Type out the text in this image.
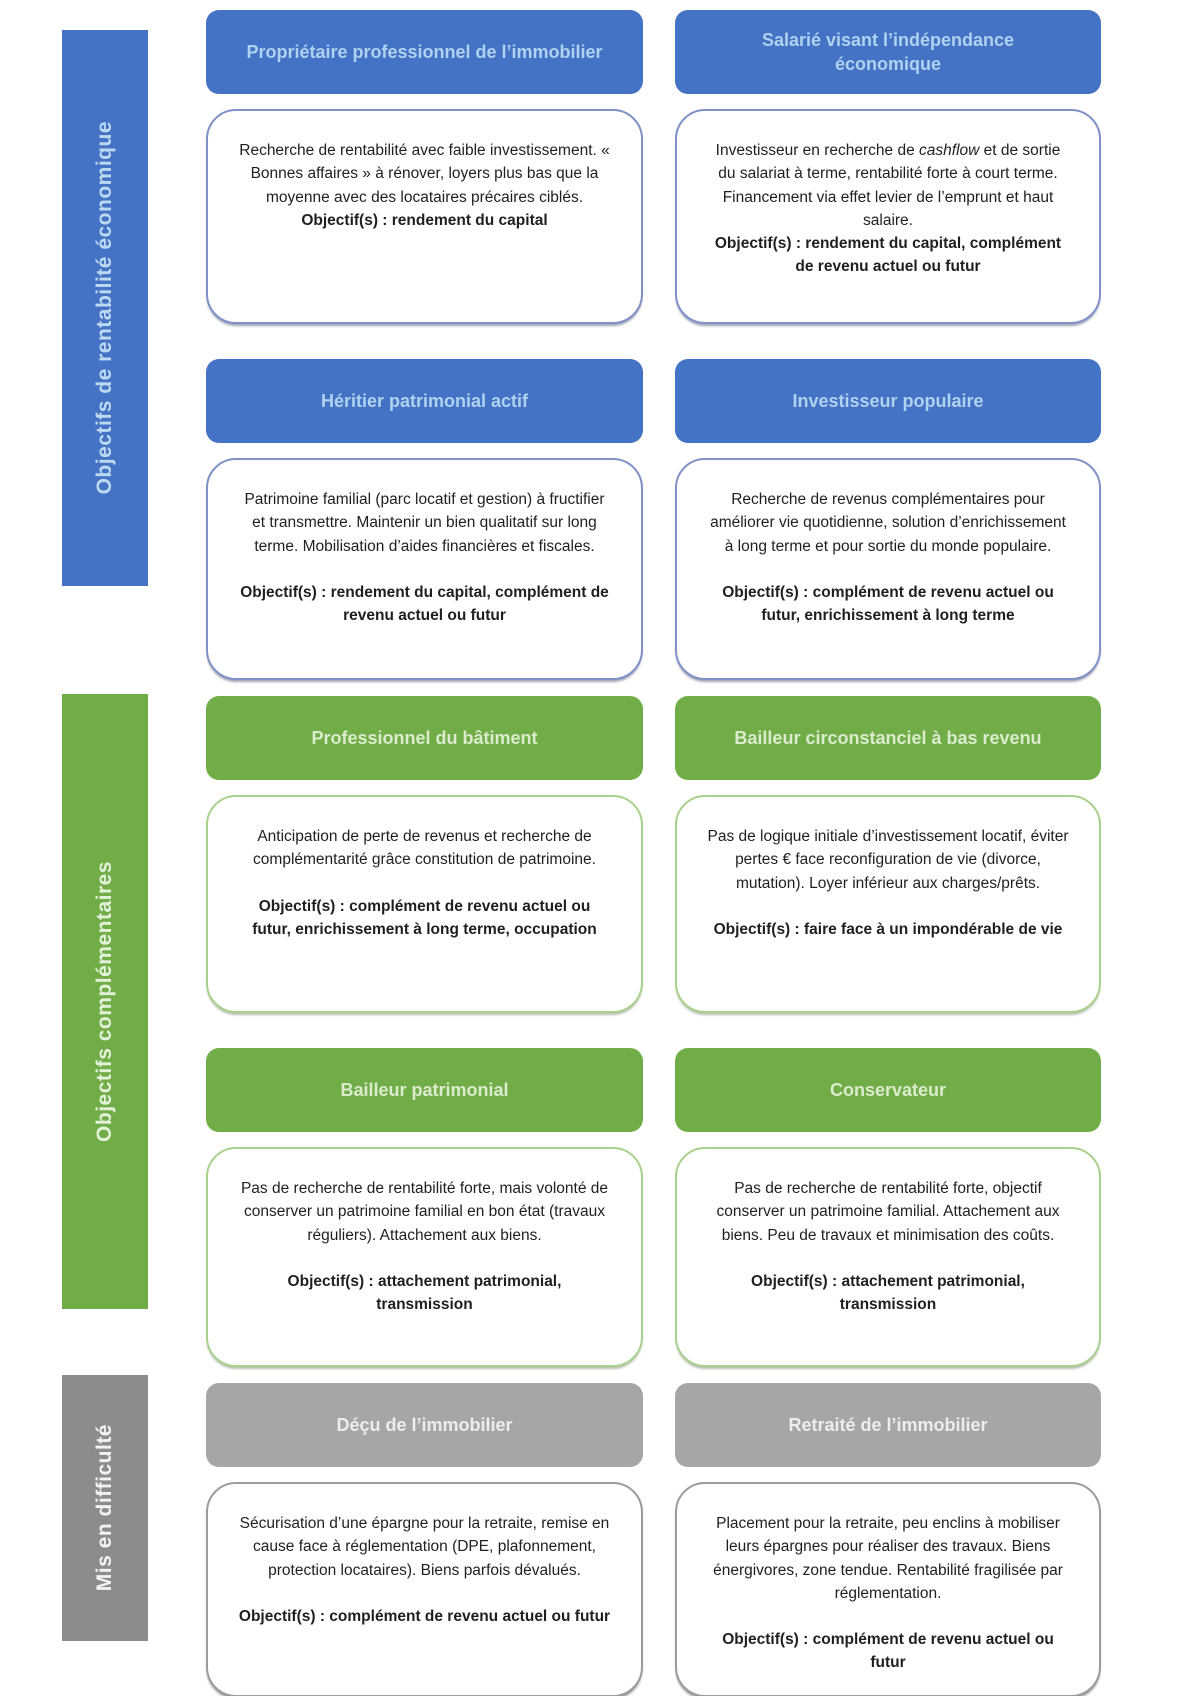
Objectifs de rentabilité économique
Propriétaire professionnel de l’immobilier

Recherche de rentabilité avec faible investissement. « Bonnes affaires » à rénover, loyers plus bas que la moyenne avec des locataires précaires ciblés.

Objectif(s) : rendement du capital

Salarié visant l’indépendance économique

Investisseur en recherche de cashflow et de sortie du salariat à terme, rentabilité forte à court terme. Financement via effet levier de l’emprunt et haut salaire.

Objectif(s) : rendement du capital, complément de revenu actuel ou futur

Héritier patrimonial actif

Patrimoine familial (parc locatif et gestion) à fructifier et transmettre. Maintenir un bien qualitatif sur long terme. Mobilisation d’aides financières et fiscales.

Objectif(s) : rendement du capital, complément de revenu actuel ou futur

Investisseur populaire

Recherche de revenus complémentaires pour améliorer vie quotidienne, solution d’enrichissement à long terme et pour sortie du monde populaire.

Objectif(s) : complément de revenu actuel ou futur, enrichissement à long terme

Objectifs complémentaires
Professionnel du bâtiment

Anticipation de perte de revenus et recherche de complémentarité grâce constitution de patrimoine.

Objectif(s) : complément de revenu actuel ou futur, enrichissement à long terme, occupation

Bailleur circonstanciel à bas revenu

Pas de logique initiale d’investissement locatif, éviter pertes € face reconfiguration de vie (divorce, mutation). Loyer inférieur aux charges/prêts.

Objectif(s) : faire face à un impondérable de vie

Bailleur patrimonial

Pas de recherche de rentabilité forte, mais volonté de conserver un patrimoine familial en bon état (travaux réguliers). Attachement aux biens.

Objectif(s) : attachement patrimonial, transmission

Conservateur

Pas de recherche de rentabilité forte, objectif conserver un patrimoine familial. Attachement aux biens. Peu de travaux et minimisation des coûts.

Objectif(s) : attachement patrimonial, transmission

Mis en difficulté	Déçu de l’immobilier

Sécurisation d’une épargne pour la retraite, remise en cause face à réglementation (DPE, plafonnement, protection locataires). Biens parfois dévalués.

Objectif(s) : complément de revenu actuel ou futur

Retraité de l’immobilier

Placement pour la retraite, peu enclins à mobiliser leurs épargnes pour réaliser des travaux. Biens énergivores, zone tendue. Rentabilité fragilisée par réglementation.

Objectif(s) : complément de revenu actuel ou futur
